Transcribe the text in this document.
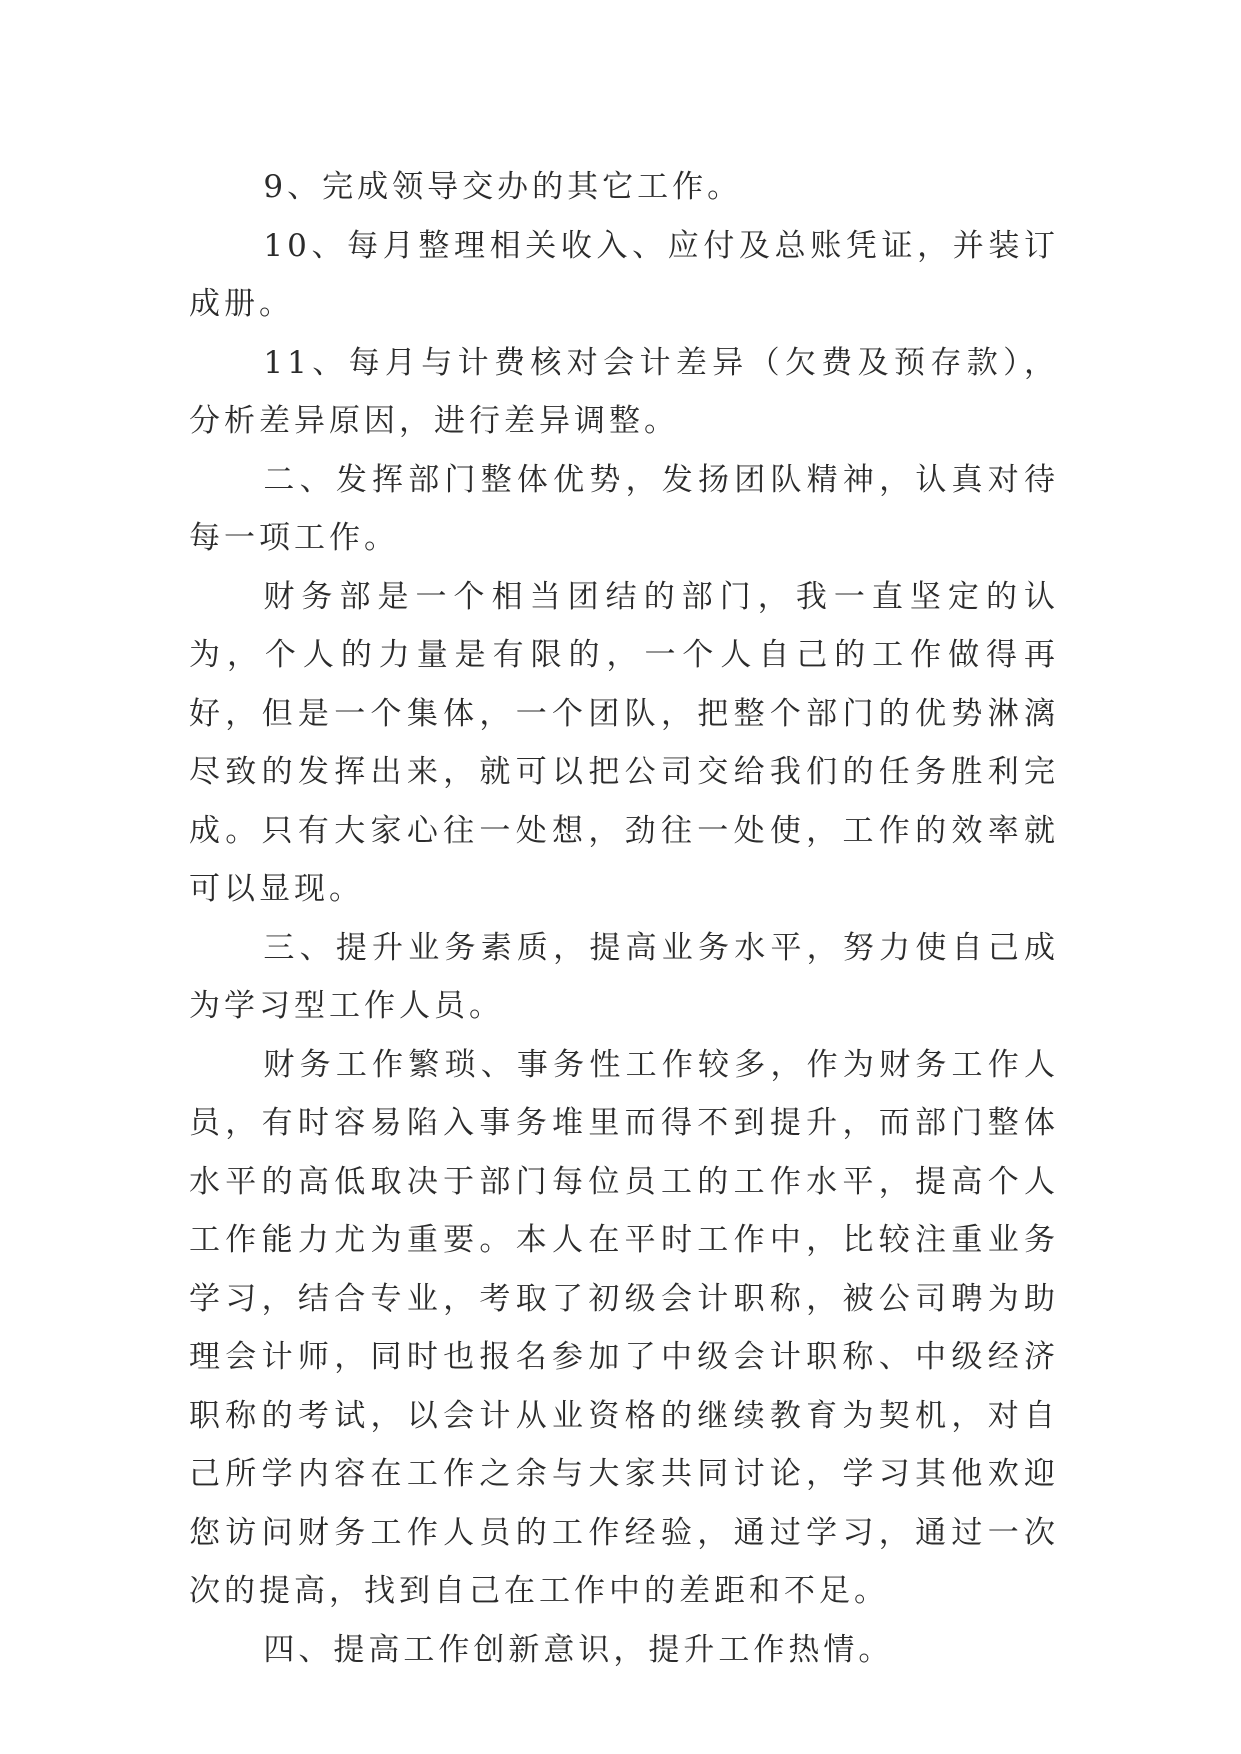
9、完成领导交办的其它工作。

10、每月整理相关收入、应付及总账凭证，并装订成册。

11、每月与计费核对会计差异（欠费及预存款），分析差异原因，进行差异调整。

二、发挥部门整体优势，发扬团队精神，认真对待每一项工作。

财务部是一个相当团结的部门，我一直坚定的认为，个人的力量是有限的，一个人自己的工作做得再好，但是一个集体，一个团队，把整个部门的优势淋漓尽致的发挥出来，就可以把公司交给我们的任务胜利完成。只有大家心往一处想，劲往一处使，工作的效率就可以显现。

三、提升业务素质，提高业务水平，努力使自己成为学习型工作人员。

财务工作繁琐、事务性工作较多，作为财务工作人员，有时容易陷入事务堆里而得不到提升，而部门整体水平的高低取决于部门每位员工的工作水平，提高个人工作能力尤为重要。本人在平时工作中，比较注重业务学习，结合专业，考取了初级会计职称，被公司聘为助理会计师，同时也报名参加了中级会计职称、中级经济职称的考试，以会计从业资格的继续教育为契机，对自己所学内容在工作之余与大家共同讨论，学习其他欢迎您访问财务工作人员的工作经验，通过学习，通过一次次的提高，找到自己在工作中的差距和不足。

四、提高工作创新意识，提升工作热情。
